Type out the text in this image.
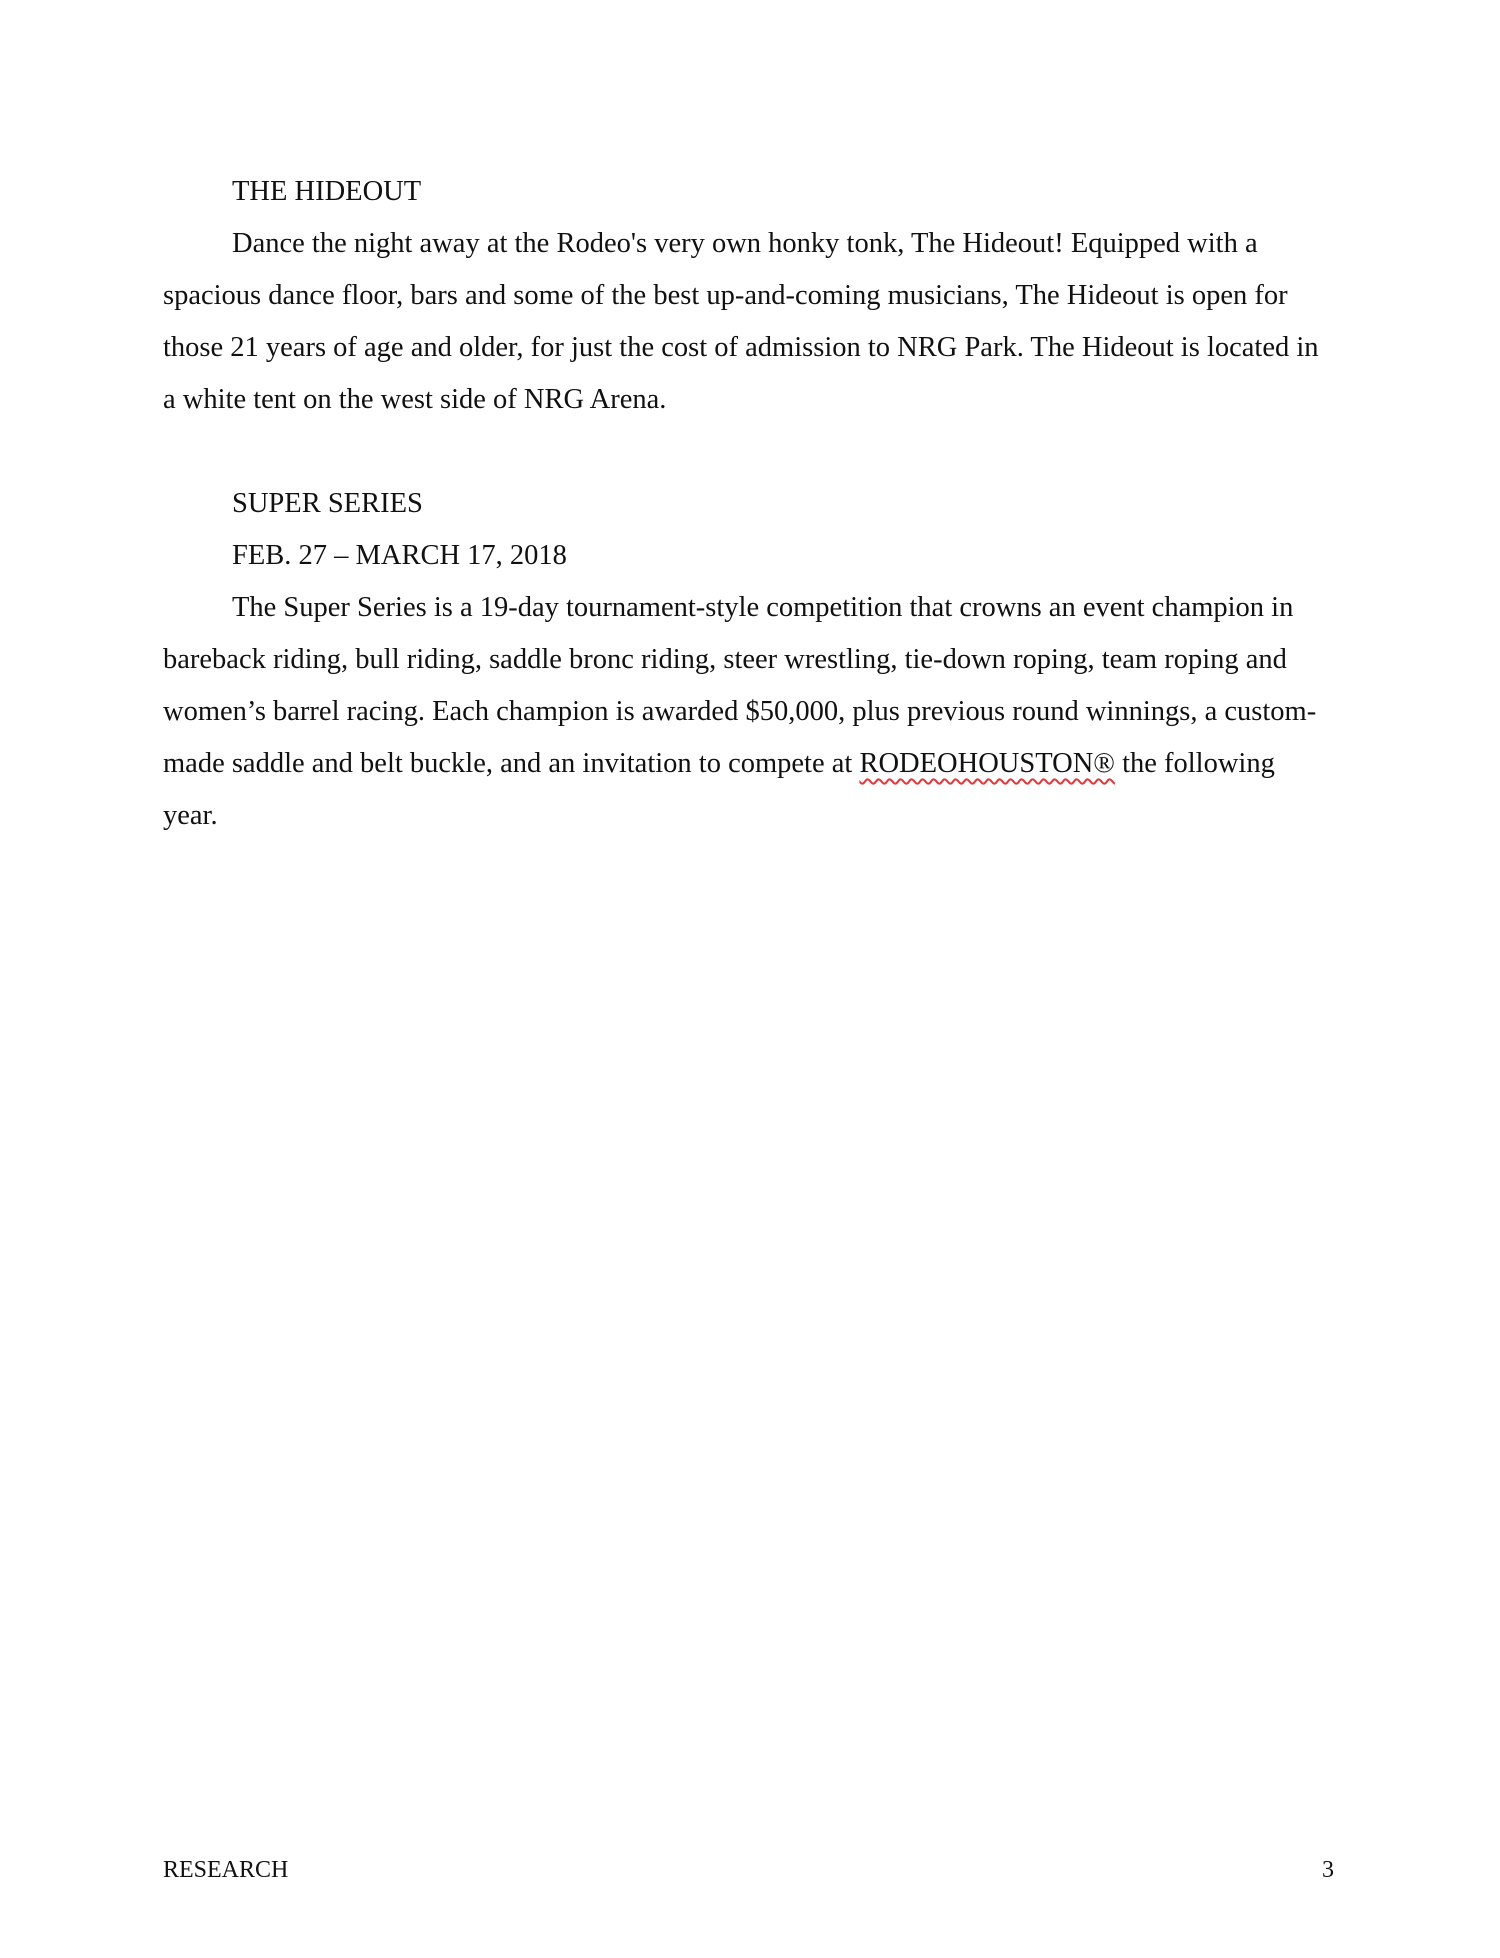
THE HIDEOUT

Dance the night away at the Rodeo's very own honky tonk, The Hideout! Equipped with a spacious dance floor, bars and some of the best up-and-coming musicians, The Hideout is open for those 21 years of age and older, for just the cost of admission to NRG Park. The Hideout is located in a white tent on the west side of NRG Arena.

SUPER SERIES

FEB. 27 – MARCH 17, 2018

The Super Series is a 19-day tournament-style competition that crowns an event champion in bareback riding, bull riding, saddle bronc riding, steer wrestling, tie-down roping, team roping and women’s barrel racing. Each champion is awarded $50,000, plus previous round winnings, a custom-made saddle and belt buckle, and an invitation to compete at RODEOHOUSTON® the following year.

RESEARCH	3
